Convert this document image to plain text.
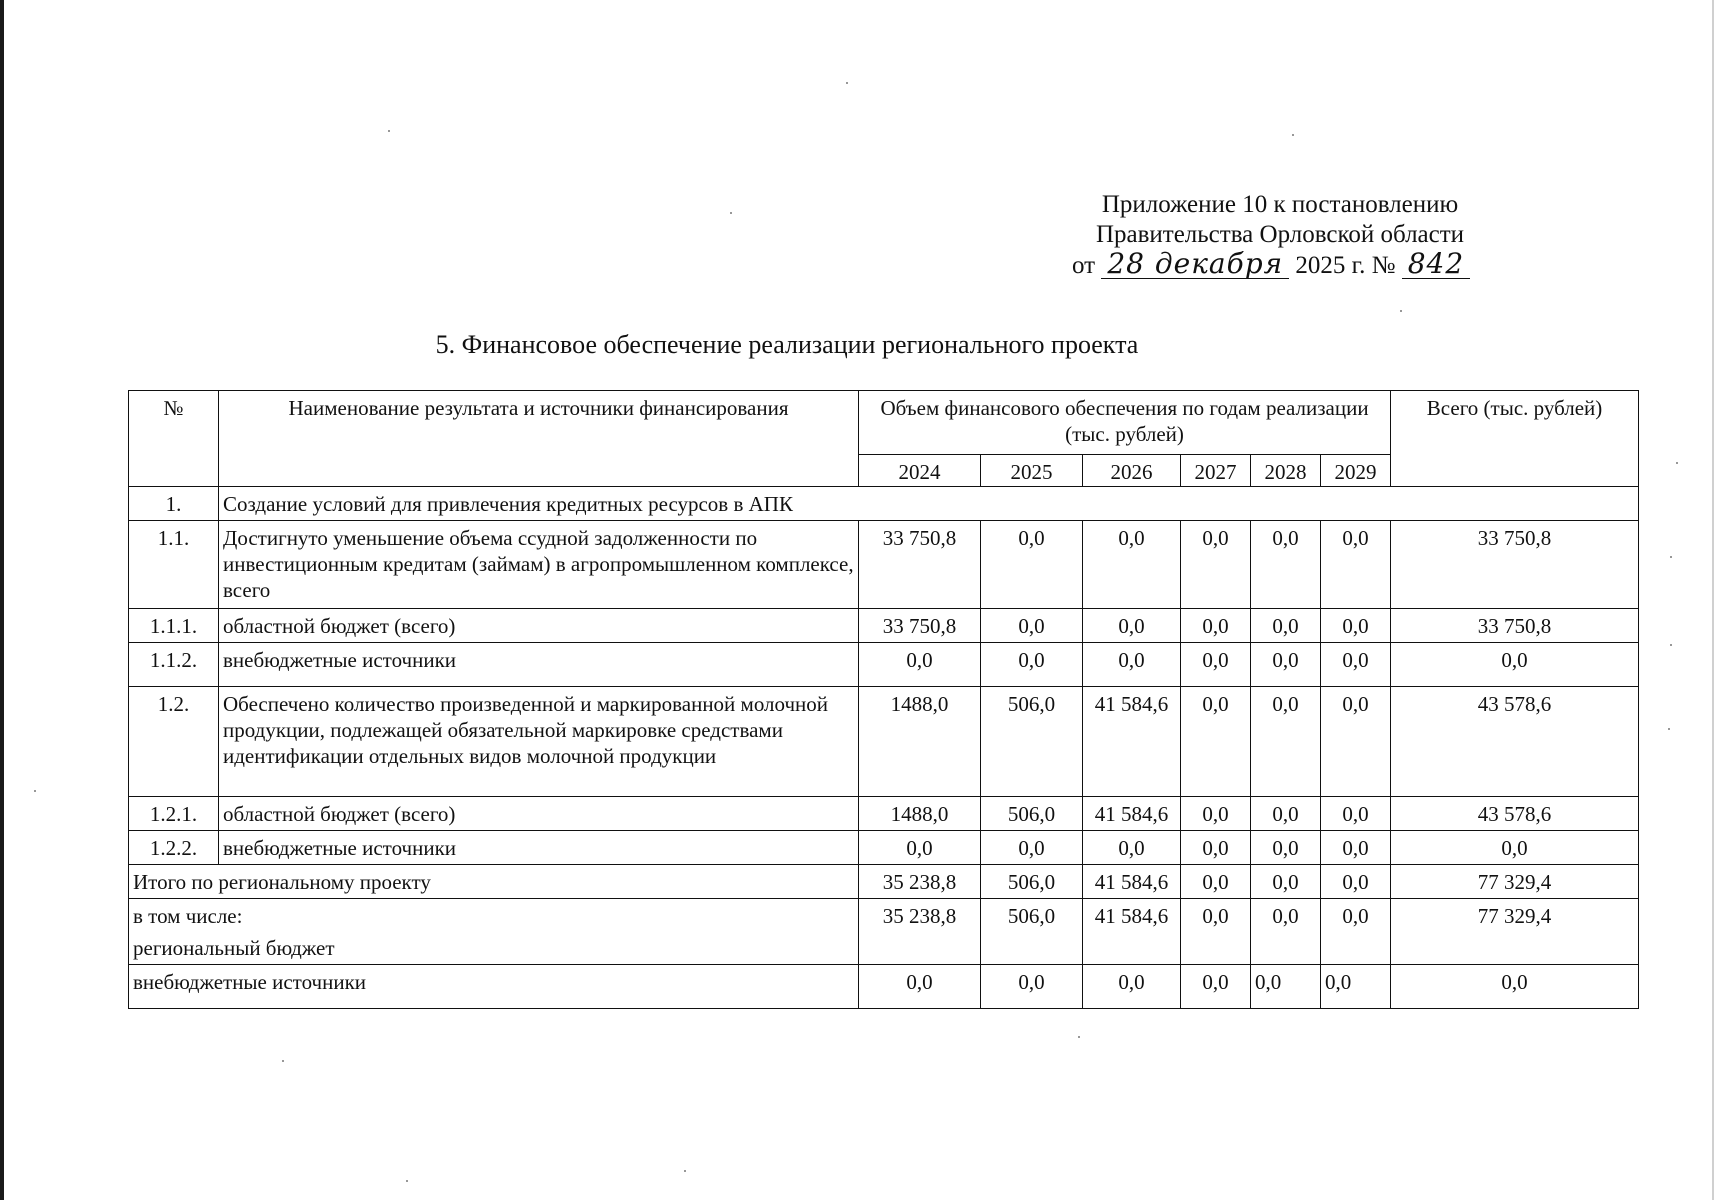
Приложение 10 к постановлению
Правительства Орловской области
от 28 декабря 2025 г. № 842
5. Финансовое обеспечение реализации регионального проекта
№	Наименование результата и источники финансирования	Объем финансового обеспечения по годам реализации (тыс. рублей)						Всего (тыс. рублей)
		2024	2025	2026	2027	2028	2029	
1.	Создание условий для привлечения кредитных ресурсов в АПК							
1.1.	Достигнуто уменьшение объема ссудной задолженности по инвестиционным кредитам (займам) в агропромышленном комплексе, всего	33 750,8	0,0	0,0	0,0	0,0	0,0	33 750,8
1.1.1.	областной бюджет (всего)	33 750,8	0,0	0,0	0,0	0,0	0,0	33 750,8
1.1.2.	внебюджетные источники	0,0	0,0	0,0	0,0	0,0	0,0	0,0
1.2.	Обеспечено количество произведенной и маркированной молочной продукции, подлежащей обязательной маркировке средствами идентификации отдельных видов молочной продукции	1488,0	506,0	41 584,6	0,0	0,0	0,0	43 578,6
1.2.1.	областной бюджет (всего)	1488,0	506,0	41 584,6	0,0	0,0	0,0	43 578,6
1.2.2.	внебюджетные источники	0,0	0,0	0,0	0,0	0,0	0,0	0,0
Итого по региональному проекту		35 238,8	506,0	41 584,6	0,0	0,0	0,0	77 329,4

в том числе:
региональный бюджет		35 238,8	506,0	41 584,6	0,0	0,0	0,0	77 329,4
внебюджетные источники		0,0	0,0	0,0	0,0	0,0	0,0	0,0
